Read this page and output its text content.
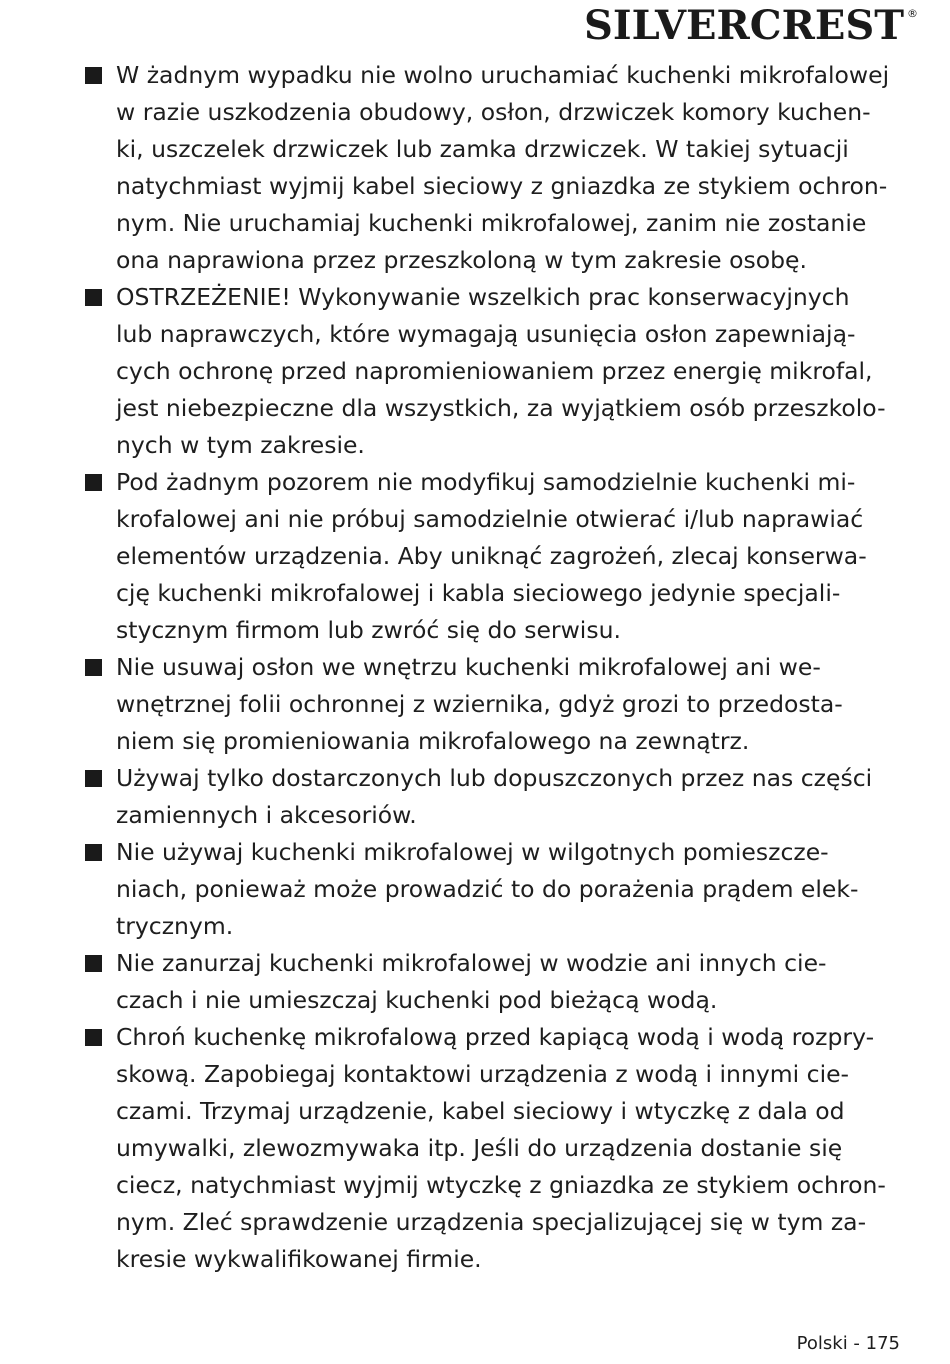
SILVERCREST ®
W żadnym wypadku nie wolno uruchamiać kuchenki mikrofalowej
w razie uszkodzenia obudowy, osłon, drzwiczek komory kuchen-
ki, uszczelek drzwiczek lub zamka drzwiczek. W takiej sytuacji
natychmiast wyjmij kabel sieciowy z gniazdka ze stykiem ochron-
nym. Nie uruchamiaj kuchenki mikrofalowej, zanim nie zostanie
ona naprawiona przez przeszkoloną w tym zakresie osobę.
OSTRZEŻENIE! Wykonywanie wszelkich prac konserwacyjnych
lub naprawczych, które wymagają usunięcia osłon zapewniają-
cych ochronę przed napromieniowaniem przez energię mikrofal,
jest niebezpieczne dla wszystkich, za wyjątkiem osób przeszkolo-
nych w tym zakresie.
Pod żadnym pozorem nie modyfikuj samodzielnie kuchenki mi-
krofalowej ani nie próbuj samodzielnie otwierać i/lub naprawiać
elementów urządzenia. Aby uniknąć zagrożeń, zlecaj konserwa-
cję kuchenki mikrofalowej i kabla sieciowego jedynie specjali-
stycznym firmom lub zwróć się do serwisu.
Nie usuwaj osłon we wnętrzu kuchenki mikrofalowej ani we-
wnętrznej folii ochronnej z wziernika, gdyż grozi to przedosta-
niem się promieniowania mikrofalowego na zewnątrz.
Używaj tylko dostarczonych lub dopuszczonych przez nas części
zamiennych i akcesoriów.
Nie używaj kuchenki mikrofalowej w wilgotnych pomieszcze-
niach, ponieważ może prowadzić to do porażenia prądem elek-
trycznym.
Nie zanurzaj kuchenki mikrofalowej w wodzie ani innych cie-
czach i nie umieszczaj kuchenki pod bieżącą wodą.
Chroń kuchenkę mikrofalową przed kapiącą wodą i wodą rozpry-
skową. Zapobiegaj kontaktowi urządzenia z wodą i innymi cie-
czami. Trzymaj urządzenie, kabel sieciowy i wtyczkę z dala od
umywalki, zlewozmywaka itp. Jeśli do urządzenia dostanie się
ciecz, natychmiast wyjmij wtyczkę z gniazdka ze stykiem ochron-
nym. Zleć sprawdzenie urządzenia specjalizującej się w tym za-
kresie wykwalifikowanej firmie.
Polski - 175
